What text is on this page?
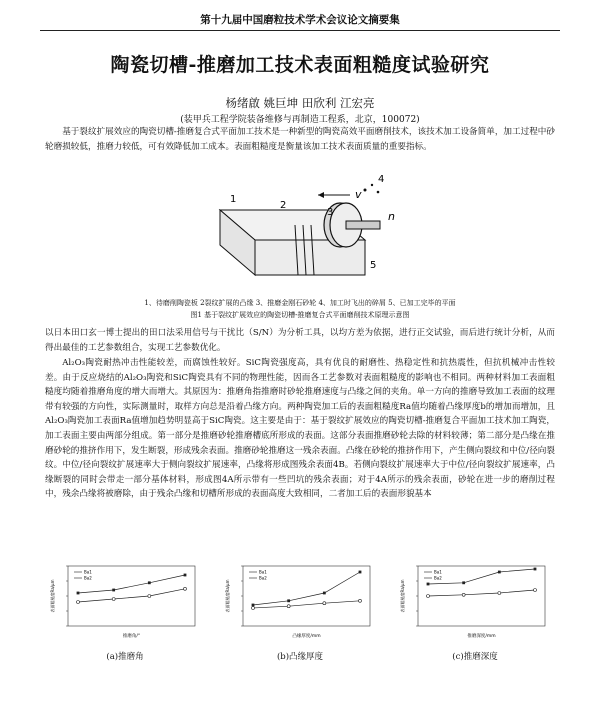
第十九届中国磨粒技术学术会议论文摘要集
陶瓷切槽-推磨加工技术表面粗糙度试验研究
杨绪啟 姚巨坤 田欣利 江宏亮
(装甲兵工程学院装备维修与再制造工程系，北京，100072)

基于裂纹扩展效应的陶瓷切槽-推磨复合式平面加工技术是一种新型的陶瓷高效平面磨削技术，该技术加工设备简单，加工过程中砂轮磨损较低，推磨力较低，可有效降低加工成本。表面粗糙度是衡量该加工技术表面质量的重要指标。

v
n
1
2
3
4
5
1、待磨削陶瓷板 2裂纹扩展的凸缘 3、推磨金刚石砂轮 4、加工时飞出的碎屑 5、已加工完毕的平面
图1 基于裂纹扩展效应的陶瓷切槽-推磨复合式平面磨削技术原理示意图

以日本田口玄一博士提出的田口法采用信号与干扰比（S/N）为分析工具，以均方差为依据，进行正交试验，而后进行统计分析，从而得出最佳的工艺参数组合，实现工艺参数优化。

Al₂O₃陶瓷耐热冲击性能较差，而腐蚀性较好。SiC陶瓷强度高，具有优良的耐磨性、热稳定性和抗热震性，但抗机械冲击性较差。由于反应烧结的Al₂O₃陶瓷和SiC陶瓷具有不同的物理性能，因而各工艺参数对表面粗糙度的影响也不相同。两种材料加工表面粗糙度均随着推磨角度的增大而增大。其原因为：推磨角指推磨时砂轮推磨速度与凸缘之间的夹角。单一方向的推磨导致加工表面的纹理带有较强的方向性，实际测量时，取样方向总是沿着凸缘方向。两种陶瓷加工后的表面粗糙度Ra值均随着凸缘厚度b的增加而增加，且Al₂O₃陶瓷加工表面Ra值增加趋势明显高于SiC陶瓷。这主要是由于：基于裂纹扩展效应的陶瓷切槽-推磨复合平面加工技术加工陶瓷，加工表面主要由两部分组成。第一部分是推磨砂轮推磨槽底所形成的表面。这部分表面推磨砂轮去除的材料较薄；第二部分是凸缘在推磨砂轮的推挤作用下，发生断裂，形成残余表面。推磨砂轮推磨这一残余表面。凸缘在砂轮的推挤作用下，产生侧向裂纹和中位/径向裂纹。中位/径向裂纹扩展速率大于侧向裂纹扩展速率，凸缘将形成图残余表面4B。若侧向裂纹扩展速率大于中位/径向裂纹扩展速率，凸缘断裂的同时会带走一部分基体材料，形成图4A所示带有一些凹坑的残余表面；对于4A所示的残余表面，砂轮在进一步的磨削过程中，残余凸缘将被磨除，由于残余凸缘和切槽所形成的表面高度大致相同，二者加工后的表面形貌基本

表面粗糙度Ra/μm
推磨角/°
Ba1
Ba2
表面粗糙度Ra/μm
凸缘厚度/mm
Ba1
Ba2
表面粗糙度Ra/μm
推磨深度/mm
Ba1
Ba2
(a)推磨角	(b)凸缘厚度	(c)推磨深度
